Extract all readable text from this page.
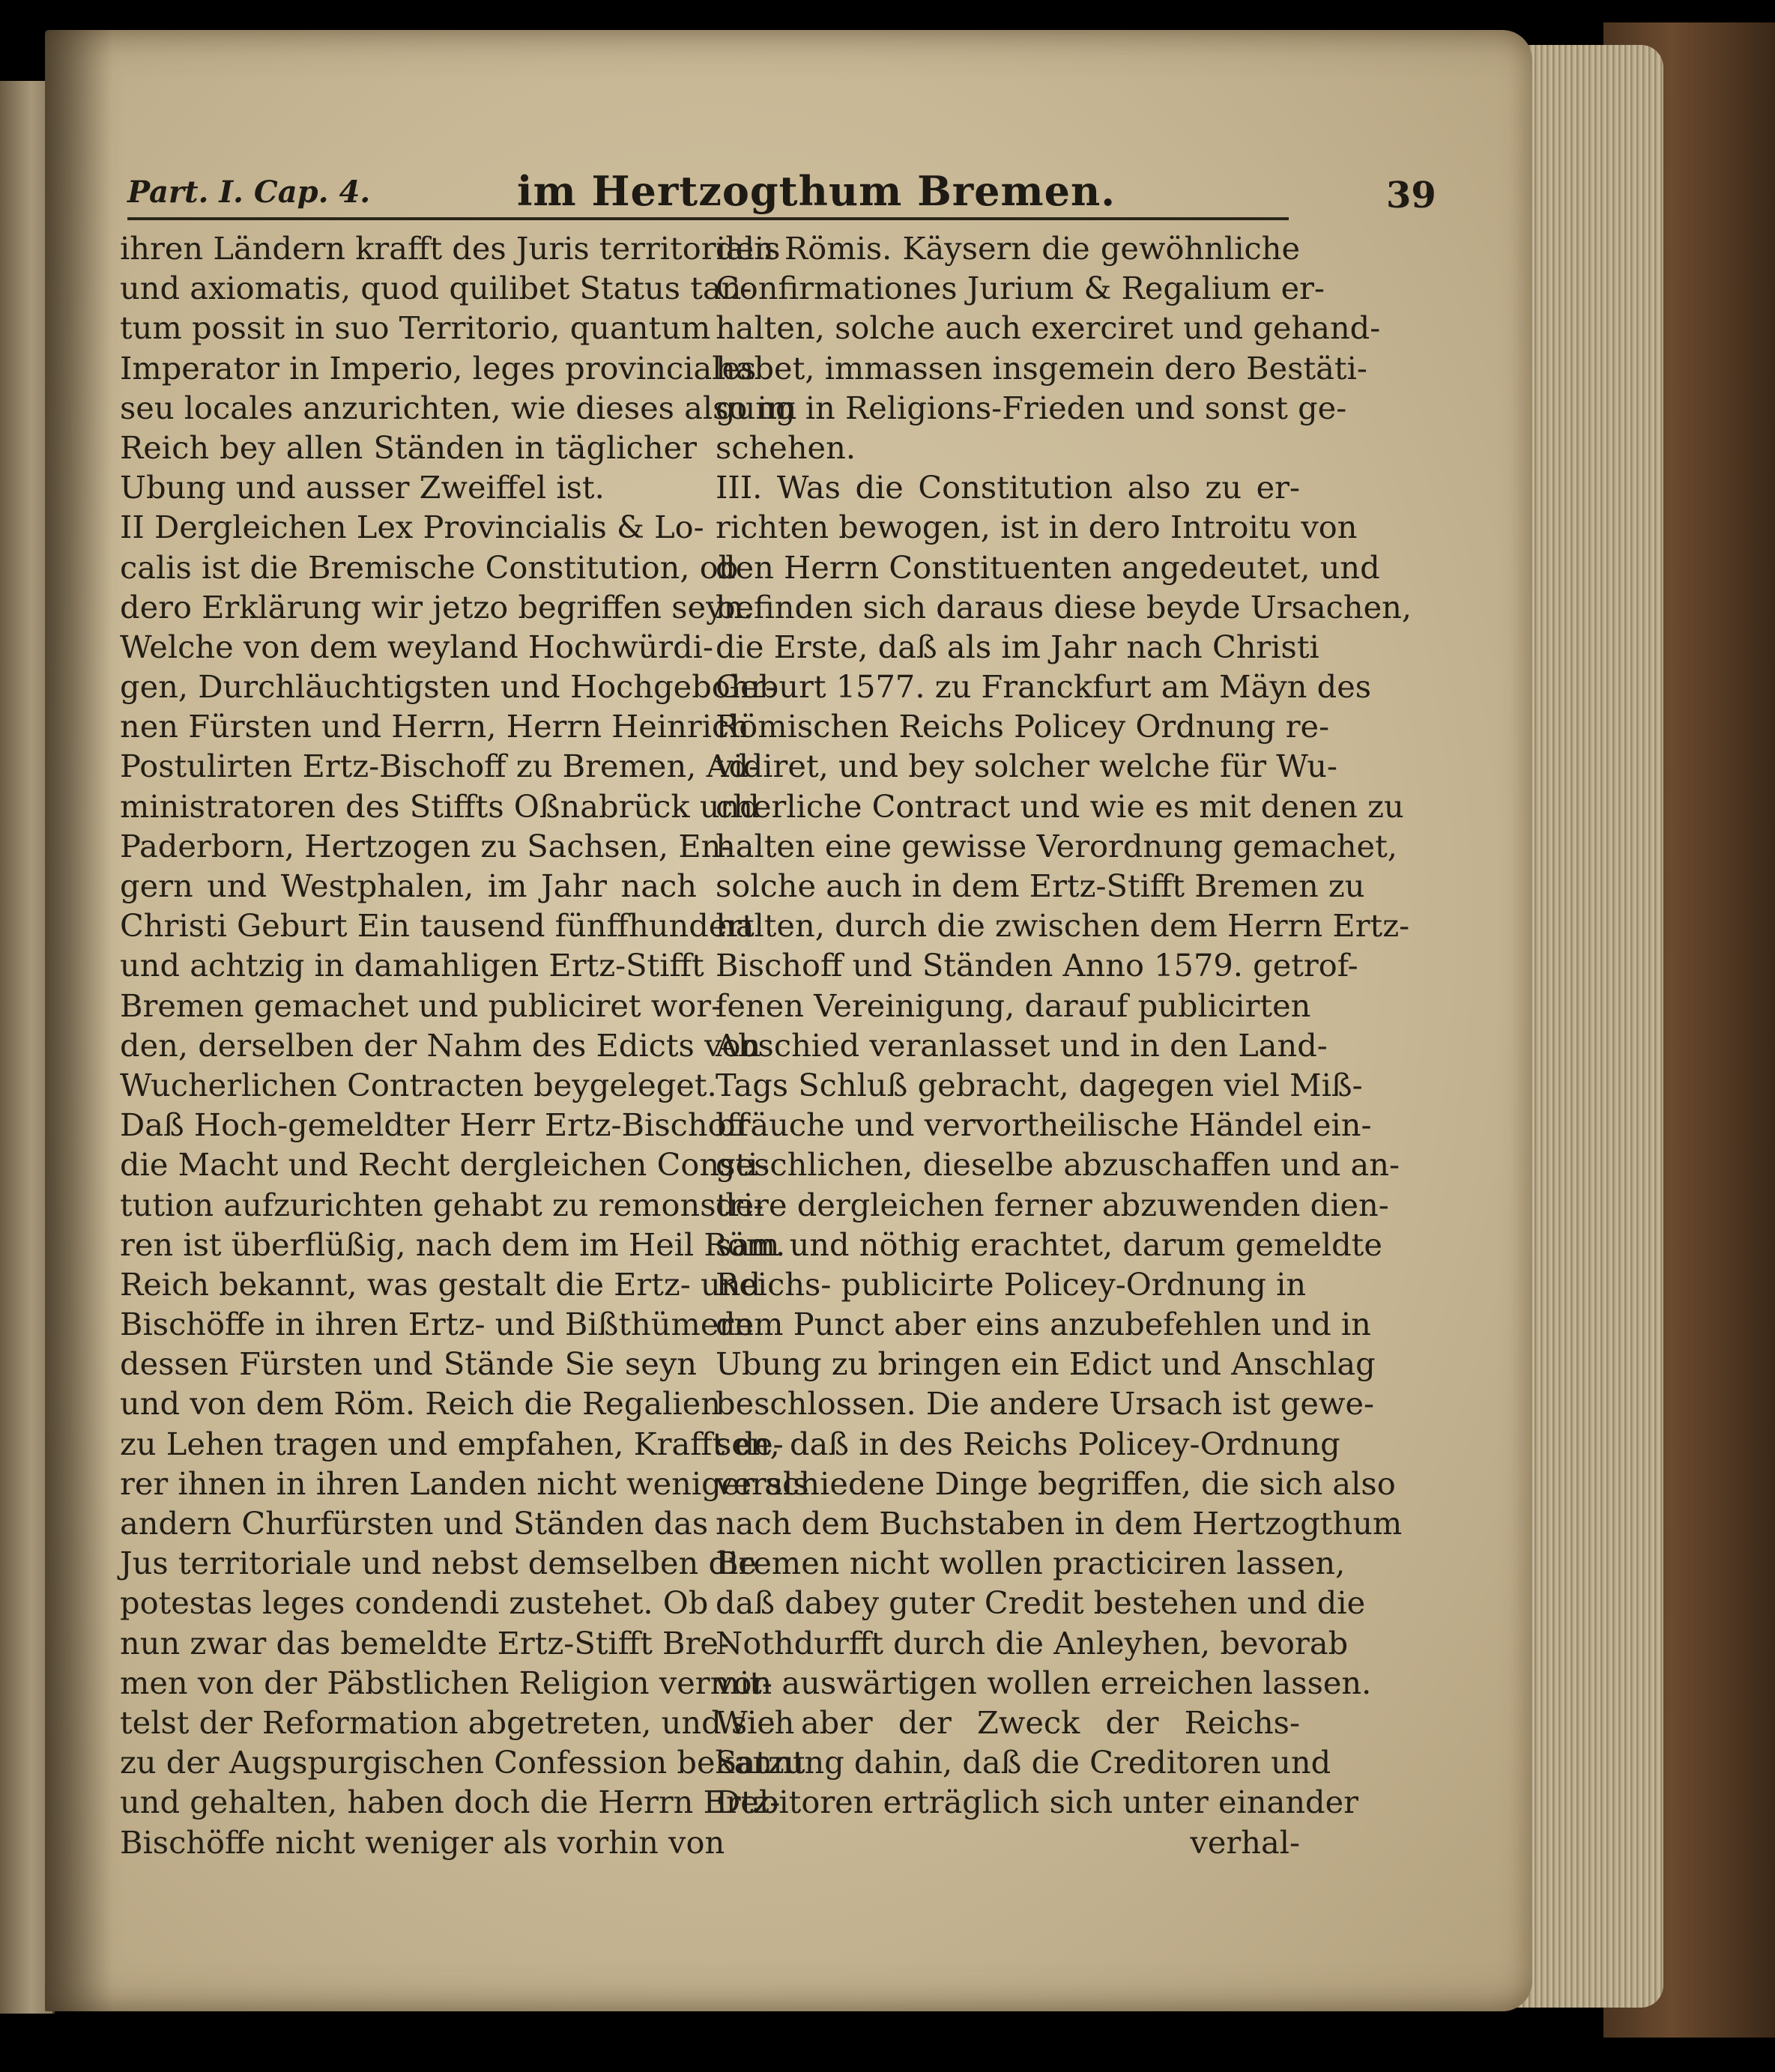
Part. I. Cap. 4.	im Hertzogthum Bremen.	39
ihren Ländern krafft des Juris territorialis
und axiomatis, quod quilibet Status tan-
tum possit in suo Territorio, quantum
Imperator in Imperio, leges provinciales
seu locales anzurichten, wie dieses also im
Reich bey allen Ständen in täglicher
Ubung und ausser Zweiffel ist.
II Dergleichen Lex Provincialis & Lo-
calis ist die Bremische Constitution, ob
dero Erklärung wir jetzo begriffen seyn.
Welche von dem weyland Hochwürdi-
gen, Durchläuchtigsten und Hochgebohr-
nen Fürsten und Herrn, Herrn Heinrich
Postulirten Ertz-Bischoff zu Bremen, Ad-
ministratoren des Stiffts Oßnabrück und
Paderborn, Hertzogen zu Sachsen, En-
gern und Westphalen, im Jahr nach
Christi Geburt Ein tausend fünffhundert
und achtzig in damahligen Ertz-Stifft
Bremen gemachet und publiciret wor-
den, derselben der Nahm des Edicts von
Wucherlichen Contracten beygeleget.
Daß Hoch-gemeldter Herr Ertz-Bischoff
die Macht und Recht dergleichen Consti-
tution aufzurichten gehabt zu remonstri-
ren ist überflüßig, nach dem im Heil Röm.
Reich bekannt, was gestalt die Ertz- und
Bischöffe in ihren Ertz- und Bißthümern
dessen Fürsten und Stände Sie seyn
und von dem Röm. Reich die Regalien
zu Lehen tragen und empfahen, Krafft de-
rer ihnen in ihren Landen nicht weniger als
andern Churfürsten und Ständen das
Jus territoriale und nebst demselben die
potestas leges condendi zustehet. Ob
nun zwar das bemeldte Ertz-Stifft Bre-
men von der Päbstlichen Religion vermit-
telst der Reformation abgetreten, und sich
zu der Augspurgischen Confession bekannt
und gehalten, haben doch die Herrn Ertz-
Bischöffe nicht weniger als vorhin von
den Römis. Käysern die gewöhnliche
Confirmationes Jurium & Regalium er-
halten, solche auch exerciret und gehand-
habet, immassen insgemein dero Bestäti-
gung in Religions-Frieden und sonst ge-
schehen.
III. Was die Constitution also zu er-
richten bewogen, ist in dero Introitu von
den Herrn Constituenten angedeutet, und
befinden sich daraus diese beyde Ursachen,
die Erste, daß als im Jahr nach Christi
Geburt 1577. zu Franckfurt am Mäyn des
Römischen Reichs Policey Ordnung re-
vidiret, und bey solcher welche für Wu-
cherliche Contract und wie es mit denen zu
halten eine gewisse Verordnung gemachet,
solche auch in dem Ertz-Stifft Bremen zu
halten, durch die zwischen dem Herrn Ertz-
Bischoff und Ständen Anno 1579. getrof-
fenen Vereinigung, darauf publicirten
Abschied veranlasset und in den Land-
Tags Schluß gebracht, dagegen viel Miß-
bräuche und vervortheilische Händel ein-
geschlichen, dieselbe abzuschaffen und an-
dere dergleichen ferner abzuwenden dien-
sam und nöthig erachtet, darum gemeldte
Reichs- publicirte Policey-Ordnung in
dem Punct aber eins anzubefehlen und in
Ubung zu bringen ein Edict und Anschlag
beschlossen. Die andere Ursach ist gewe-
sen, daß in des Reichs Policey-Ordnung
verschiedene Dinge begriffen, die sich also
nach dem Buchstaben in dem Hertzogthum
Bremen nicht wollen practiciren lassen,
daß dabey guter Credit bestehen und die
Nothdurfft durch die Anleyhen, bevorab
von auswärtigen wollen erreichen lassen.
Wie aber der Zweck der Reichs-
Satzung dahin, daß die Creditoren und
Debitoren erträglich sich unter einander
verhal-
